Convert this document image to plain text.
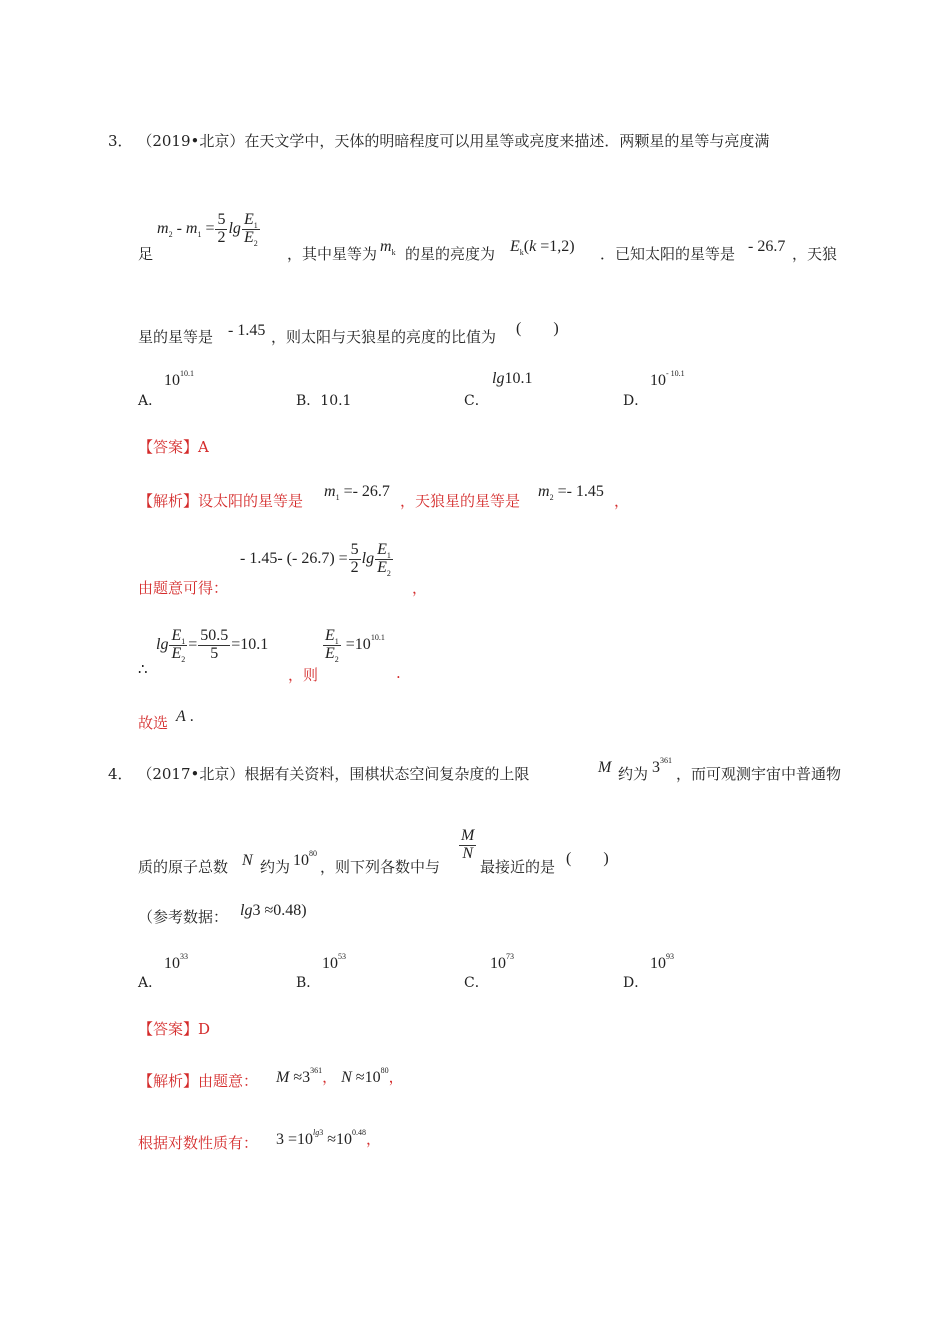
3． （2019•北京）在天文学中，天体的明暗程度可以用星等或亮度来描述．两颗星的星等与亮度满
$m_2 - m_1 = \frac{5}{2}$ $\lg \frac{E_1}{E_2}$
足	，其中星等为 $m_k$ 的星的亮度为 $E_k(k =1,2)$ ．已知太阳的星等是 - 26.7 ，天狼
星的星等是 - 1.45 ，则太阳与天狼星的亮度的比值为 (        )
A．
$10^{10.1}$
B．10.1	C．
lg10.1
D．
$10^{- 10.1}$
【答案】A
【解析】设太阳的星等是
$m_1 =- 26.7$
，天狼星的星等是
$m_2 =- 1.45$
，
由题意可得：
- 1.45- (- $26.7) = \frac{5}{2}$ $\lg \frac{E_1}{E_2}$
，
∴
$\lg \frac{E_1}{E_2} = \frac{50.5}{5} =10.1$
，则
$\frac{E_1}{E_2} =10^{10.1}$
.
故选 A .
4． （2017•北京）根据有关资料，围棋状态空间复杂度的上限	M 约为 $3^{361}$
，而可观测宇宙中普通物
质的原子总数 N 约为 $10^{80}$
，则下列各数中与
$\frac{M}{N}$
最接近的是 (        )
（参考数据： lg3 ≈0.48)
A．
$10^{33}$
B．
$10^{53}$
C．
$10^{73}$
D．
$10^{93}$
【答案】D
【解析】由题意： $M \approx 3^{361}$， $N \approx 10^{80}$，
根据对数性质有： $3 =10^{lg3} \approx 10^{0.48}$，
